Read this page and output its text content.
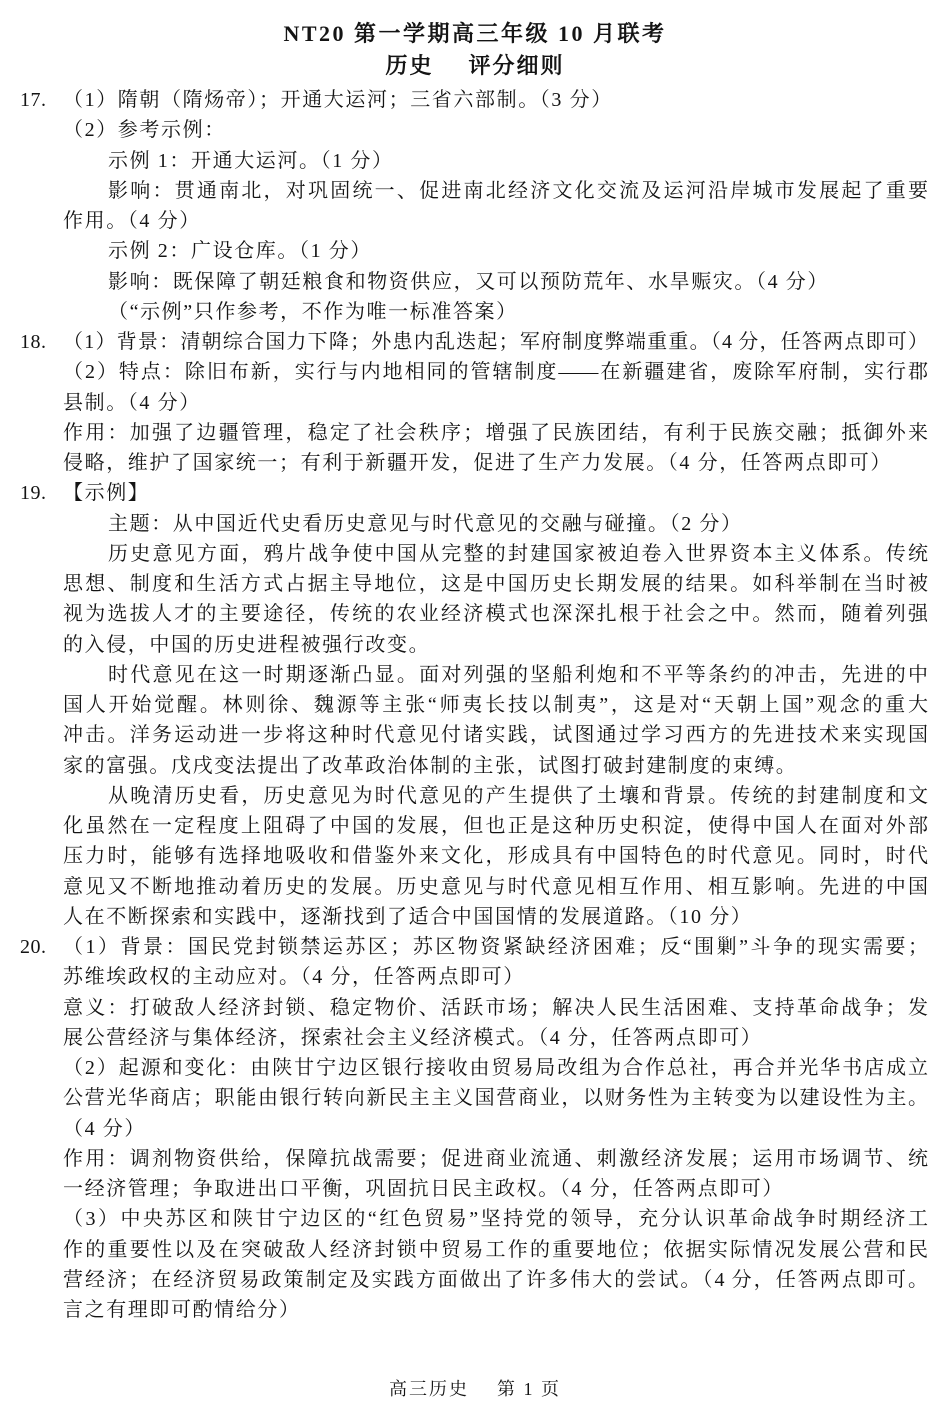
NT20 第一学期高三年级 10 月联考
历史 评分细则
17. （1）隋朝（隋炀帝）；开通大运河；三省六部制。（3 分）
（2）参考示例：
示例 1：开通大运河。（1 分）
影响：贯通南北，对巩固统一、促进南北经济文化交流及运河沿岸城市发展起了重要
作用。（4 分）
示例 2：广设仓库。（1 分）
影响：既保障了朝廷粮食和物资供应，又可以预防荒年、水旱赈灾。（4 分）
（“示例”只作参考，不作为唯一标准答案）
18. （1）背景：清朝综合国力下降；外患内乱迭起；军府制度弊端重重。（4 分，任答两点即可）
（2）特点：除旧布新，实行与内地相同的管辖制度——在新疆建省，废除军府制，实行郡
县制。（4 分）
作用：加强了边疆管理，稳定了社会秩序；增强了民族团结，有利于民族交融；抵御外来
侵略，维护了国家统一；有利于新疆开发，促进了生产力发展。（4 分，任答两点即可）
19. 【示例】
主题：从中国近代史看历史意见与时代意见的交融与碰撞。（2 分）
历史意见方面，鸦片战争使中国从完整的封建国家被迫卷入世界资本主义体系。传统
思想、制度和生活方式占据主导地位，这是中国历史长期发展的结果。如科举制在当时被
视为选拔人才的主要途径，传统的农业经济模式也深深扎根于社会之中。然而，随着列强
的入侵，中国的历史进程被强行改变。
时代意见在这一时期逐渐凸显。面对列强的坚船利炮和不平等条约的冲击，先进的中
国人开始觉醒。林则徐、魏源等主张“师夷长技以制夷”，这是对“天朝上国”观念的重大
冲击。洋务运动进一步将这种时代意见付诸实践，试图通过学习西方的先进技术来实现国
家的富强。戊戌变法提出了改革政治体制的主张，试图打破封建制度的束缚。
从晚清历史看，历史意见为时代意见的产生提供了土壤和背景。传统的封建制度和文
化虽然在一定程度上阻碍了中国的发展，但也正是这种历史积淀，使得中国人在面对外部
压力时，能够有选择地吸收和借鉴外来文化，形成具有中国特色的时代意见。同时，时代
意见又不断地推动着历史的发展。历史意见与时代意见相互作用、相互影响。先进的中国
人在不断探索和实践中，逐渐找到了适合中国国情的发展道路。（10 分）
20. （1）背景：国民党封锁禁运苏区；苏区物资紧缺经济困难；反“围剿”斗争的现实需要；
苏维埃政权的主动应对。（4 分，任答两点即可）
意义：打破敌人经济封锁、稳定物价、活跃市场；解决人民生活困难、支持革命战争；发
展公营经济与集体经济，探索社会主义经济模式。（4 分，任答两点即可）
（2）起源和变化：由陕甘宁边区银行接收由贸易局改组为合作总社，再合并光华书店成立
公营光华商店；职能由银行转向新民主主义国营商业，以财务性为主转变为以建设性为主。
（4 分）
作用：调剂物资供给，保障抗战需要；促进商业流通、刺激经济发展；运用市场调节、统
一经济管理；争取进出口平衡，巩固抗日民主政权。（4 分，任答两点即可）
（3）中央苏区和陕甘宁边区的“红色贸易”坚持党的领导，充分认识革命战争时期经济工
作的重要性以及在突破敌人经济封锁中贸易工作的重要地位；依据实际情况发展公营和民
营经济；在经济贸易政策制定及实践方面做出了许多伟大的尝试。（4 分，任答两点即可。
言之有理即可酌情给分）
高三历史 第 1 页
